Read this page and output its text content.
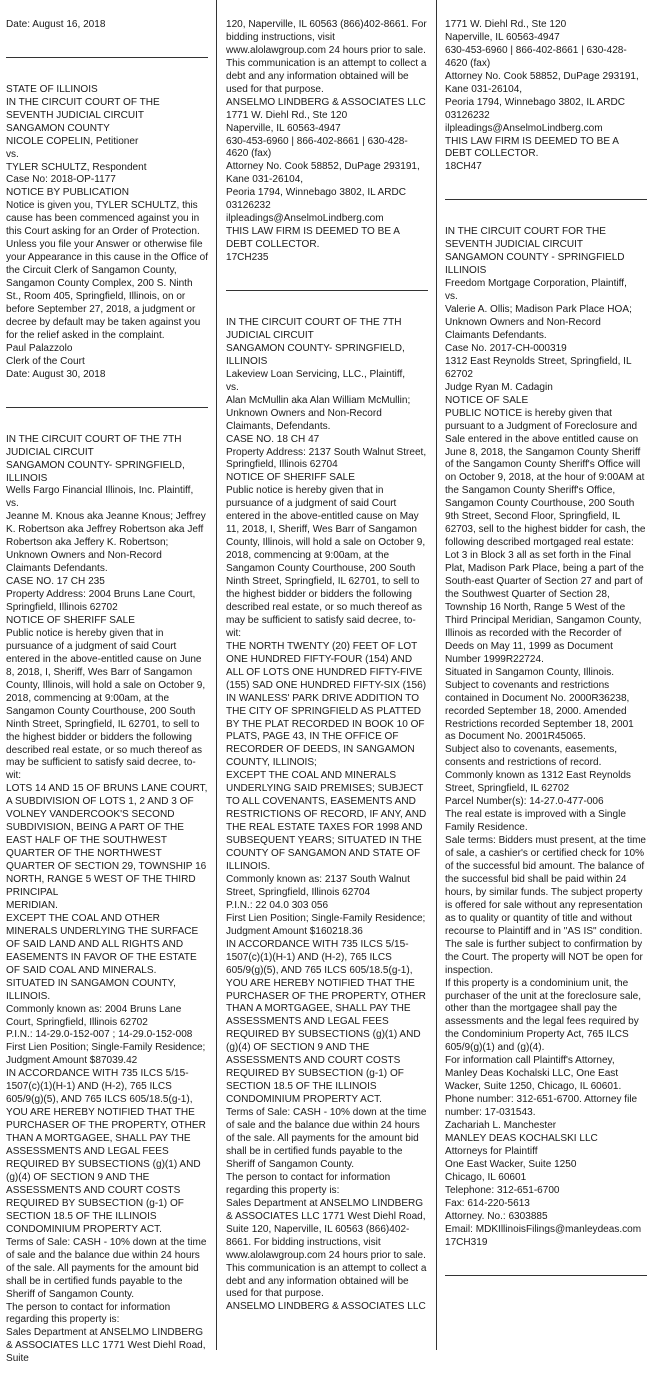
Date: August 16, 2018

STATE OF ILLINOIS
IN THE CIRCUIT COURT OF THE SEVENTH JUDICIAL CIRCUIT
SANGAMON COUNTY
NICOLE COPELIN, Petitioner
vs.
TYLER SCHULTZ, Respondent
Case No: 2018-OP-1177
NOTICE BY PUBLICATION
Notice is given you, TYLER SCHULTZ, this cause has been commenced against you in this Court asking for an Order of Protection. Unless you file your Answer or otherwise file your Appearance in this cause in the Office of the Circuit Clerk of Sangamon County, Sangamon County Complex, 200 S. Ninth St., Room 405, Springfield, Illinois, on or before September 27, 2018, a judgment or decree by default may be taken against you for the relief asked in the complaint.
Paul Palazzolo
Clerk of the Court
Date: August 30, 2018

IN THE CIRCUIT COURT OF THE 7TH JUDICIAL CIRCUIT
SANGAMON COUNTY- SPRINGFIELD, ILLINOIS
Wells Fargo Financial Illinois, Inc. Plaintiff,
vs.
Jeanne M. Knous aka Jeanne Knous; Jeffrey K. Robertson aka Jeffrey Robertson aka Jeff Robertson aka Jeffery K. Robertson; Unknown Owners and Non-Record Claimants Defendants.
CASE NO. 17 CH 235
Property Address: 2004 Bruns Lane Court, Springfield, Illinois 62702
NOTICE OF SHERIFF SALE
Public notice is hereby given that in pursuance of a judgment of said Court entered in the above-entitled cause on June 8, 2018, I, Sheriff, Wes Barr of Sangamon County, Illinois, will hold a sale on October 9, 2018, commencing at 9:00am, at the Sangamon County Courthouse, 200 South Ninth Street, Springfield, IL 62701, to sell to the highest bidder or bidders the following described real estate, or so much thereof as may be sufficient to satisfy said decree, to-wit:
LOTS 14 AND 15 OF BRUNS LANE COURT, A SUBDIVISION OF LOTS 1, 2 AND 3 OF VOLNEY VANDERCOOK'S SECOND SUBDIVISION, BEING A PART OF THE EAST HALF OF THE SOUTHWEST QUARTER OF THE NORTHWEST QUARTER OF SECTION 29, TOWNSHIP 16 NORTH, RANGE 5 WEST OF THE THIRD PRINCIPAL
MERIDIAN.
EXCEPT THE COAL AND OTHER MINERALS UNDERLYING THE SURFACE OF SAID LAND AND ALL RIGHTS AND EASEMENTS IN FAVOR OF THE ESTATE OF SAID COAL AND MINERALS.
SITUATED IN SANGAMON COUNTY, ILLINOIS.
Commonly known as: 2004 Bruns Lane Court, Springfield, Illinois 62702
P.I.N.: 14-29.0-152-007 ; 14-29.0-152-008
First Lien Position; Single-Family Residence; Judgment Amount $87039.42
IN ACCORDANCE WITH 735 ILCS 5/15-1507(c)(1)(H-1) AND (H-2), 765 ILCS 605/9(g)(5), AND 765 ILCS 605/18.5(g-1), YOU ARE HEREBY NOTIFIED THAT THE PURCHASER OF THE PROPERTY, OTHER THAN A MORTGAGEE, SHALL PAY THE ASSESSMENTS AND LEGAL FEES REQUIRED BY SUBSECTIONS (g)(1) AND (g)(4) OF SECTION 9 AND THE ASSESSMENTS AND COURT COSTS REQUIRED BY SUBSECTION (g-1) OF SECTION 18.5 OF THE ILLINOIS CONDOMINIUM PROPERTY ACT.
Terms of Sale: CASH - 10% down at the time of sale and the balance due within 24 hours of the sale. All payments for the amount bid shall be in certified funds payable to the Sheriff of Sangamon County.
The person to contact for information regarding this property is:
Sales Department at ANSELMO LINDBERG & ASSOCIATES LLC 1771 West Diehl Road, Suite

120, Naperville, IL 60563 (866)402-8661. For bidding instructions, visit www.alolawgroup.com 24 hours prior to sale.
This communication is an attempt to collect a debt and any information obtained will be used for that purpose.
ANSELMO LINDBERG & ASSOCIATES LLC
1771 W. Diehl Rd., Ste 120
Naperville, IL 60563-4947
630-453-6960 | 866-402-8661 | 630-428-4620 (fax)
Attorney No. Cook 58852, DuPage 293191, Kane 031-26104,
Peoria 1794, Winnebago 3802, IL ARDC 03126232
ilpleadings@AnselmoLindberg.com
THIS LAW FIRM IS DEEMED TO BE A DEBT COLLECTOR.
17CH235

IN THE CIRCUIT COURT OF THE 7TH JUDICIAL CIRCUIT
SANGAMON COUNTY- SPRINGFIELD, ILLINOIS
Lakeview Loan Servicing, LLC., Plaintiff,
vs.
Alan McMullin aka Alan William McMullin; Unknown Owners and Non-Record Claimants, Defendants.
CASE NO. 18 CH 47
Property Address: 2137 South Walnut Street, Springfield, Illinois 62704
NOTICE OF SHERIFF SALE
Public notice is hereby given that in pursuance of a judgment of said Court entered in the above-entitled cause on May 11, 2018, I, Sheriff, Wes Barr of Sangamon County, Illinois, will hold a sale on October 9, 2018, commencing at 9:00am, at the Sangamon County Courthouse, 200 South Ninth Street, Springfield, IL 62701, to sell to the highest bidder or bidders the following described real estate, or so much thereof as may be sufficient to satisfy said decree, to-wit:
THE NORTH TWENTY (20) FEET OF LOT ONE HUNDRED FIFTY-FOUR (154) AND ALL OF LOTS ONE HUNDRED FIFTY-FIVE (155) SAD ONE HUNDRED FIFTY-SIX (156) IN WANLESS' PARK DRIVE ADDITION TO THE CITY OF SPRINGFIELD AS PLATTED BY THE PLAT RECORDED IN BOOK 10 OF PLATS, PAGE 43, IN THE OFFICE OF RECORDER OF DEEDS, IN SANGAMON COUNTY, ILLINOIS;
EXCEPT THE COAL AND MINERALS UNDERLYING SAID PREMISES; SUBJECT TO ALL COVENANTS, EASEMENTS AND RESTRICTIONS OF RECORD, IF ANY, AND THE REAL ESTATE TAXES FOR 1998 AND SUBSEQUENT YEARS; SITUATED IN THE COUNTY OF SANGAMON AND STATE OF ILLINOIS.
Commonly known as: 2137 South Walnut Street, Springfield, Illinois 62704
P.I.N.: 22 04.0 303 056
First Lien Position; Single-Family Residence; Judgment Amount $160218.36
IN ACCORDANCE WITH 735 ILCS 5/15-1507(c)(1)(H-1) AND (H-2), 765 ILCS 605/9(g)(5), AND 765 ILCS 605/18.5(g-1), YOU ARE HEREBY NOTIFIED THAT THE PURCHASER OF THE PROPERTY, OTHER THAN A MORTGAGEE, SHALL PAY THE ASSESSMENTS AND LEGAL FEES REQUIRED BY SUBSECTIONS (g)(1) AND (g)(4) OF SECTION 9 AND THE ASSESSMENTS AND COURT COSTS REQUIRED BY SUBSECTION (g-1) OF SECTION 18.5 OF THE ILLINOIS CONDOMINIUM PROPERTY ACT.
Terms of Sale: CASH - 10% down at the time of sale and the balance due within 24 hours of the sale. All payments for the amount bid shall be in certified funds payable to the Sheriff of Sangamon County.
The person to contact for information regarding this property is:
Sales Department at ANSELMO LINDBERG & ASSOCIATES LLC 1771 West Diehl Road, Suite 120, Naperville, IL 60563 (866)402-8661. For bidding instructions, visit www.alolawgroup.com 24 hours prior to sale.
This communication is an attempt to collect a debt and any information obtained will be used for that purpose.
ANSELMO LINDBERG & ASSOCIATES LLC

1771 W. Diehl Rd., Ste 120
Naperville, IL 60563-4947
630-453-6960 | 866-402-8661 | 630-428-4620 (fax)
Attorney No. Cook 58852, DuPage 293191, Kane 031-26104,
Peoria 1794, Winnebago 3802, IL ARDC 03126232
ilpleadings@AnselmoLindberg.com
THIS LAW FIRM IS DEEMED TO BE A DEBT COLLECTOR.
18CH47

IN THE CIRCUIT COURT FOR THE SEVENTH JUDICIAL CIRCUIT
SANGAMON COUNTY - SPRINGFIELD ILLINOIS
Freedom Mortgage Corporation, Plaintiff,
vs.
Valerie A. Ollis; Madison Park Place HOA; Unknown Owners and Non-Record Claimants Defendants.
Case No. 2017-CH-000319
1312 East Reynolds Street, Springfield, IL 62702
Judge Ryan M. Cadagin
NOTICE OF SALE
PUBLIC NOTICE is hereby given that pursuant to a Judgment of Foreclosure and Sale entered in the above entitled cause on June 8, 2018, the Sangamon County Sheriff of the Sangamon County Sheriff's Office will on October 9, 2018, at the hour of 9:00AM at the Sangamon County Sheriff's Office, Sangamon County Courthouse, 200 South 9th Street, Second Floor, Springfield, IL 62703, sell to the highest bidder for cash, the following described mortgaged real estate:
Lot 3 in Block 3 all as set forth in the Final Plat, Madison Park Place, being a part of the South-east Quarter of Section 27 and part of the Southwest Quarter of Section 28, Township 16 North, Range 5 West of the Third Principal Meridian, Sangamon County, Illinois as recorded with the Recorder of Deeds on May 11, 1999 as Document Number 1999R22724.
Situated in Sangamon County, Illinois.
Subject to covenants and restrictions contained in Document No. 2000R36238, recorded September 18, 2000. Amended Restrictions recorded September 18, 2001 as Document No. 2001R45065.
Subject also to covenants, easements, consents and restrictions of record.
Commonly known as 1312 East Reynolds Street, Springfield, IL 62702
Parcel Number(s): 14-27.0-477-006
The real estate is improved with a Single Family Residence.
Sale terms: Bidders must present, at the time of sale, a cashier's or certified check for 10% of the successful bid amount. The balance of the successful bid shall be paid within 24 hours, by similar funds. The subject property is offered for sale without any representation as to quality or quantity of title and without recourse to Plaintiff and in "AS IS" condition. The sale is further subject to confirmation by the Court. The property will NOT be open for inspection.
If this property is a condominium unit, the purchaser of the unit at the foreclosure sale, other than the mortgagee shall pay the assessments and the legal fees required by the Condominium Property Act, 765 ILCS 605/9(g)(1) and (g)(4).
For information call Plaintiff's Attorney, Manley Deas Kochalski LLC, One East Wacker, Suite 1250, Chicago, IL 60601. Phone number: 312-651-6700. Attorney file number: 17-031543.
Zachariah L. Manchester
MANLEY DEAS KOCHALSKI LLC
Attorneys for Plaintiff
One East Wacker, Suite 1250
Chicago, IL 60601
Telephone: 312-651-6700
Fax: 614-220-5613
Attorney. No.: 6303885
Email: MDKIllinoisFilings@manleydeas.com
17CH319
